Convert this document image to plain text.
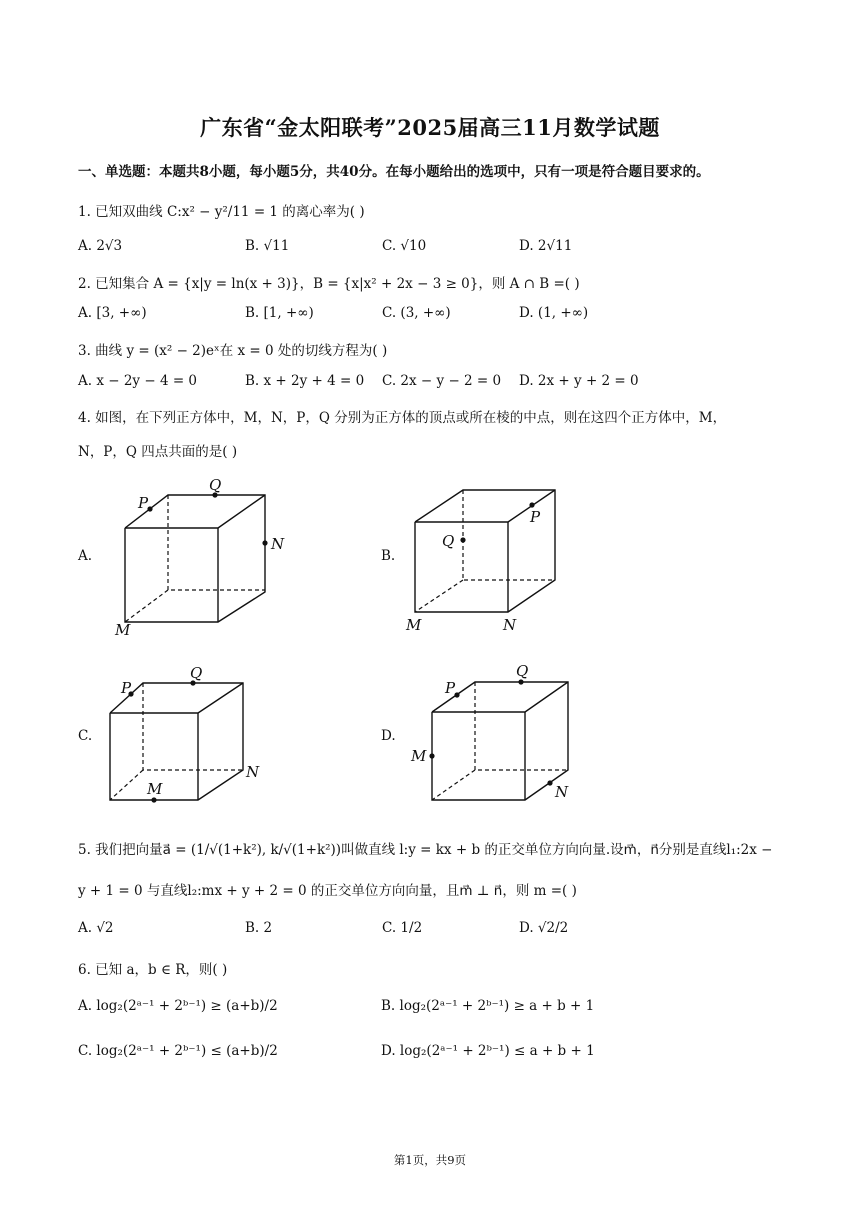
广东省“金太阳联考”2025届高三11月数学试题
一、单选题：本题共8小题，每小题5分，共40分。在每小题给出的选项中，只有一项是符合题目要求的。
1. 已知双曲线 C:x² − y²/11 = 1 的离心率为( )
A. 2√3	B. √11	C. √10	D. 2√11
2. 已知集合 A = {x|y = ln(x + 3)}，B = {x|x² + 2x − 3 ≥ 0}，则 A ∩ B =( )
A. [3, +∞)	B. [1, +∞)	C. (3, +∞)	D. (1, +∞)
3. 曲线 y = (x² − 2)eˣ在 x = 0 处的切线方程为( )
A. x − 2y − 4 = 0	B. x + 2y + 4 = 0 C. 2x − y − 2 = 0 D. 2x + y + 2 = 0
4. 如图，在下列正方体中，M，N，P，Q 分别为正方体的顶点或所在棱的中点，则在这四个正方体中，M，
N，P，Q 四点共面的是( )
A.	B.
C.	D.
P
Q
N
M
P
Q
N
M
P
Q
N
M
P
Q
N
M
5. 我们把向量a⃗ = (1/√(1+k²), k/√(1+k²))叫做直线 l:y = kx + b 的正交单位方向向量.设m⃗，n⃗分别是直线l₁:2x −
y + 1 = 0 与直线l₂:mx + y + 2 = 0 的正交单位方向向量，且m⃗ ⊥ n⃗，则 m =( )
A. √2	B. 2	C. 1/2	D. √2/2
6. 已知 a，b ∈ R，则( )
A. log₂(2ᵃ⁻¹ + 2ᵇ⁻¹) ≥ (a+b)/2	B. log₂(2ᵃ⁻¹ + 2ᵇ⁻¹) ≥ a + b + 1
C. log₂(2ᵃ⁻¹ + 2ᵇ⁻¹) ≤ (a+b)/2	D. log₂(2ᵃ⁻¹ + 2ᵇ⁻¹) ≤ a + b + 1
第1页，共9页
